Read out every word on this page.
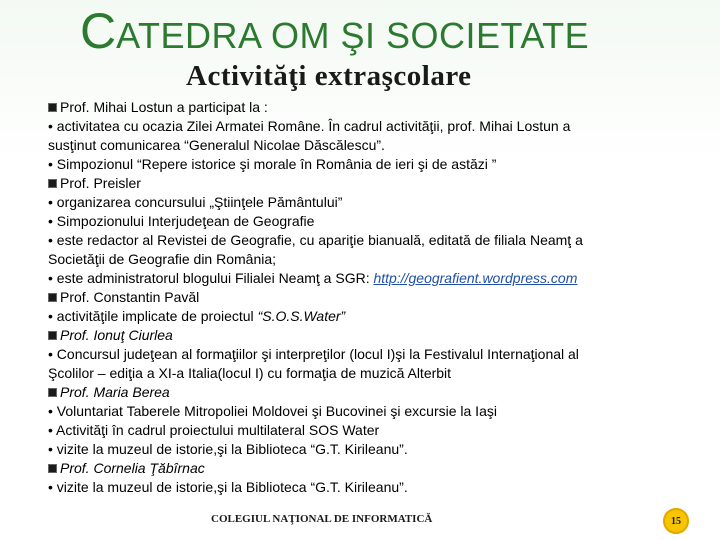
CATEDRA OM ŞI SOCIETATE
Activităţi extraşcolare
Prof. Mihai Lostun a participat la :
• activitatea cu ocazia Zilei Armatei Române. În cadrul activităţii, prof. Mihai Lostun a
susţinut comunicarea “Generalul Nicolae Dăscălescu”.
• Simpozionul “Repere istorice şi morale în România de ieri şi de astăzi ”
Prof. Preisler
• organizarea concursului „Ştiinţele Pământului”
• Simpozionului Interjudeţean de Geografie
• este redactor al Revistei de Geografie, cu apariţie bianuală, editată de filiala Neamţ a
Societăţii de Geografie din România;
• este administratorul blogului Filialei Neamţ a SGR: http://geografient.wordpress.com
Prof. Constantin Pavăl
• activităţile implicate de proiectul “S.O.S.Water”
Prof. Ionuţ Ciurlea
• Concursul judeţean al formaţiilor şi interpreţilor (locul I)şi la Festivalul Internaţional al
Şcolilor – ediţia a XI-a Italia(locul I) cu formaţia de muzică Alterbit
Prof. Maria Berea
• Voluntariat Taberele Mitropoliei Moldovei şi Bucovinei şi excursie la Iaşi
• Activităţi în cadrul proiectului multilateral SOS Water
• vizite la muzeul de istorie,şi la Biblioteca “G.T. Kirileanu”.
Prof. Cornelia Ţăbîrnac
• vizite la muzeul de istorie,şi la Biblioteca “G.T. Kirileanu”.
COLEGIUL NAŢIONAL DE INFORMATICĂ	15
